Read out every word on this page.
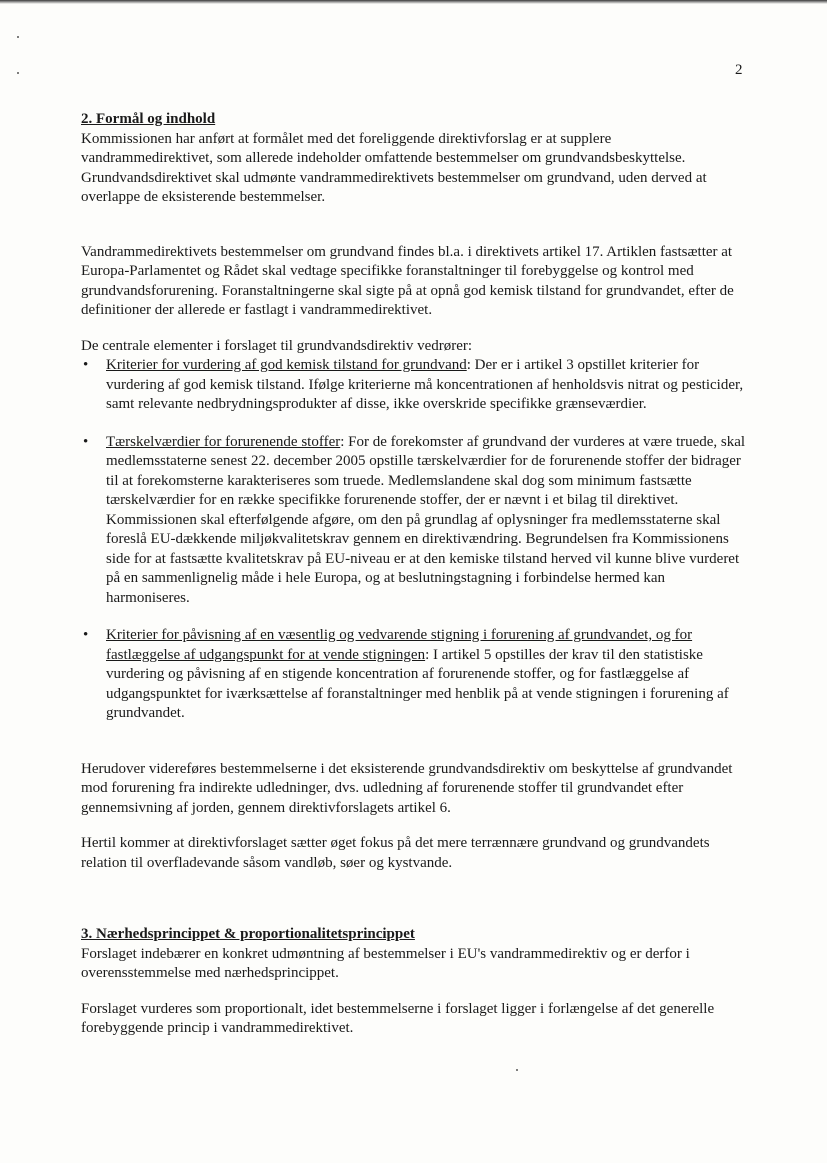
2
2. Formål og indhold

Kommissionen har anført at formålet med det foreliggende direktivforslag er at supplere vandrammedirektivet, som allerede indeholder omfattende bestemmelser om grundvandsbeskyttelse. Grundvandsdirektivet skal udmønte vandrammedirektivets bestemmelser om grundvand, uden derved at overlappe de eksisterende bestemmelser.

Vandrammedirektivets bestemmelser om grundvand findes bl.a. i direktivets artikel 17. Artiklen fastsætter at Europa-Parlamentet og Rådet skal vedtage specifikke foranstaltninger til forebyggelse og kontrol med grundvandsforurening. Foranstaltningerne skal sigte på at opnå god kemisk tilstand for grundvandet, efter de definitioner der allerede er fastlagt i vandrammedirektivet.

De centrale elementer i forslaget til grundvandsdirektiv vedrører:

• Kriterier for vurdering af god kemisk tilstand for grundvand: Der er i artikel 3 opstillet kriterier for vurdering af god kemisk tilstand. Ifølge kriterierne må koncentrationen af henholdsvis nitrat og pesticider, samt relevante nedbrydningsprodukter af disse, ikke overskride specifikke grænseværdier.
• Tærskelværdier for forurenende stoffer: For de forekomster af grundvand der vurderes at være truede, skal medlemsstaterne senest 22. december 2005 opstille tærskelværdier for de forurenende stoffer der bidrager til at forekomsterne karakteriseres som truede. Medlemslandene skal dog som minimum fastsætte tærskelværdier for en række specifikke forurenende stoffer, der er nævnt i et bilag til direktivet. Kommissionen skal efterfølgende afgøre, om den på grundlag af oplysninger fra medlemsstaterne skal foreslå EU-dækkende miljøkvalitetskrav gennem en direktivændring. Begrundelsen fra Kommissionens side for at fastsætte kvalitetskrav på EU-niveau er at den kemiske tilstand herved vil kunne blive vurderet på en sammenlignelig måde i hele Europa, og at beslutningstagning i forbindelse hermed kan harmoniseres.
• Kriterier for påvisning af en væsentlig og vedvarende stigning i forurening af grundvandet, og for fastlæggelse af udgangspunkt for at vende stigningen: I artikel 5 opstilles der krav til den statistiske vurdering og påvisning af en stigende koncentration af forurenende stoffer, og for fastlæggelse af udgangspunktet for iværksættelse af foranstaltninger med henblik på at vende stigningen i forurening af grundvandet.

Herudover videreføres bestemmelserne i det eksisterende grundvandsdirektiv om beskyttelse af grundvandet mod forurening fra indirekte udledninger, dvs. udledning af forurenende stoffer til grundvandet efter gennemsivning af jorden, gennem direktivforslagets artikel 6.

Hertil kommer at direktivforslaget sætter øget fokus på det mere terrænnære grundvand og grundvandets relation til overfladevande såsom vandløb, søer og kystvande.

3. Nærhedsprincippet & proportionalitetsprincippet

Forslaget indebærer en konkret udmøntning af bestemmelser i EU's vandrammedirektiv og er derfor i overensstemmelse med nærhedsprincippet.

Forslaget vurderes som proportionalt, idet bestemmelserne i forslaget ligger i forlængelse af det generelle forebyggende princip i vandrammedirektivet.
